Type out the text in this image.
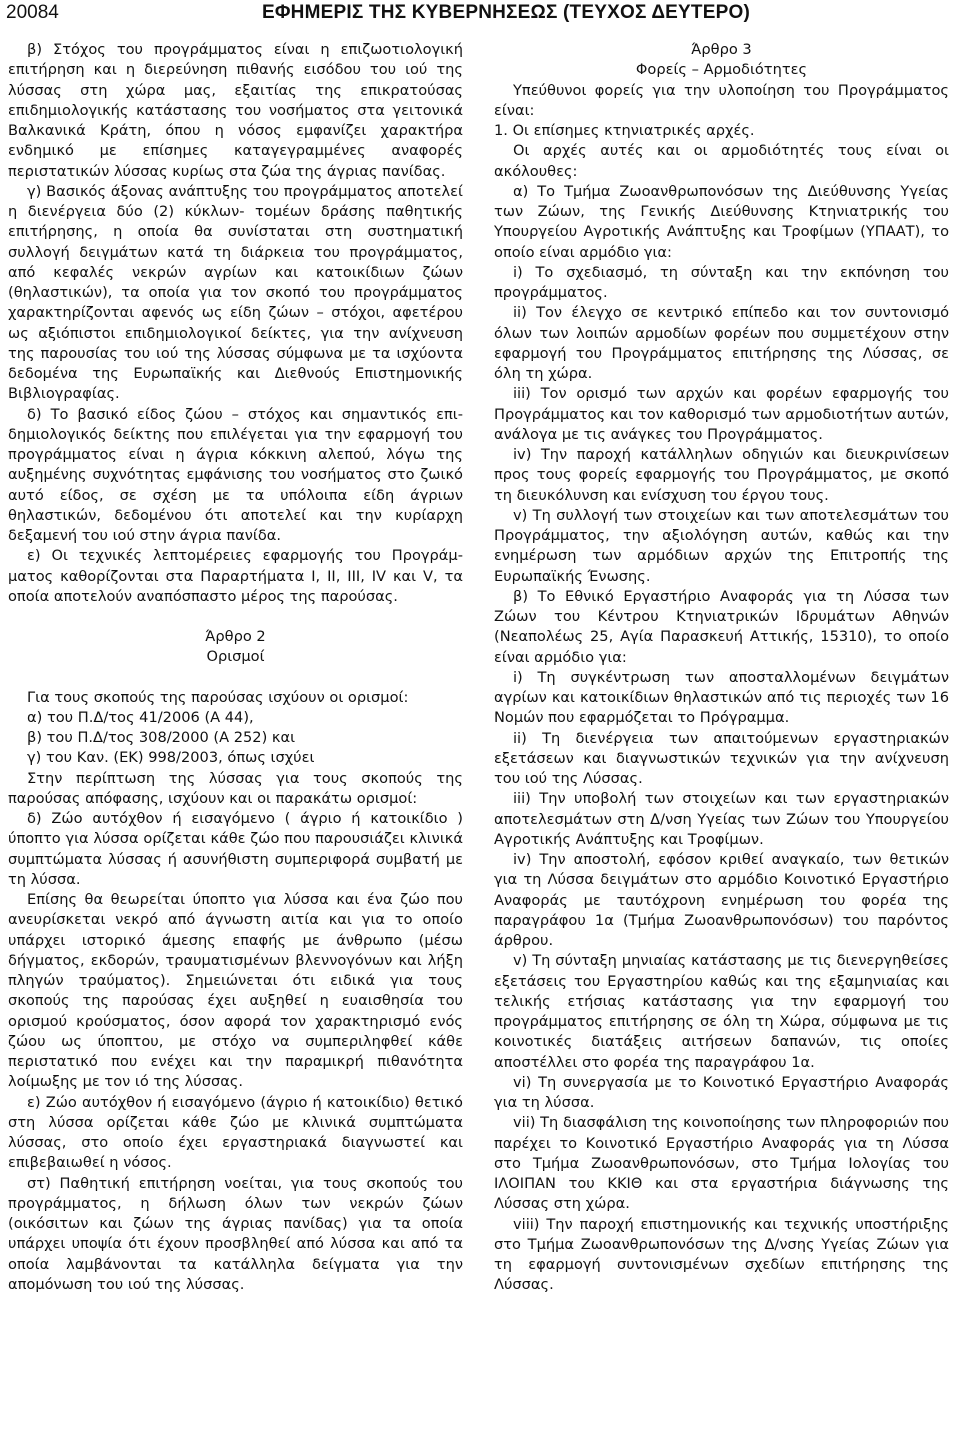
20084	ΕΦΗΜΕΡΙΣ ΤΗΣ ΚΥΒΕΡΝΗΣΕΩΣ (ΤΕΥΧΟΣ ΔΕΥΤΕΡΟ)

β) Στόχος του προγράμματος είναι η επιζωοτιολογική επιτήρηση και η διερεύνηση πιθανής εισόδου του ιού της λύσσας στη χώρα μας, εξαιτίας της επικρατούσας επιδημιολογικής κατάστασης του νοσήματος στα γειτονικά Βαλκανικά Κράτη, όπου η νόσος εμφανίζει χαρακτήρα ενδημικό με επίσημες καταγεγραμμένες αναφορές περιστατικών λύσσας κυρίως στα ζώα της άγριας πανίδας.

γ) Βασικός άξονας ανάπτυξης του προγράμματος αποτελεί η διενέργεια δύο (2) κύκλων- τομέων δράσης παθητικής επιτήρησης, η οποία θα συνίσταται στη συστηματική συλλογή δειγμάτων κατά τη διάρκεια του προγράμματος, από κεφαλές νεκρών αγρίων και κατοικίδιων ζώων (θηλαστικών), τα οποία για τον σκοπό του προγράμματος χαρακτηρίζονται αφενός ως είδη ζώων – στόχοι, αφετέρου ως αξιόπιστοι επιδημιολογικοί δείκτες, για την ανίχνευση της παρουσίας του ιού της λύσσας σύμφωνα με τα ισχύοντα δεδομένα της Ευρωπαϊκής και Διεθνούς Επιστημονικής Βιβλιογραφίας.

δ) Το βασικό είδος ζώου – στόχος και σημαντικός επιδημιολογικός δείκτης που επιλέγεται για την εφαρμογή του προγράμματος είναι η άγρια κόκκινη αλεπού, λόγω της αυξημένης συχνότητας εμφάνισης του νοσήματος στο ζωικό αυτό είδος, σε σχέση με τα υπόλοιπα είδη άγριων θηλαστικών, δεδομένου ότι αποτελεί και την κυρίαρχη δεξαμενή του ιού στην άγρια πανίδα.

ε) Οι τεχνικές λεπτομέρειες εφαρμογής του Προγράμματος καθορίζονται στα Παραρτήματα I, II, III, IV και V, τα οποία αποτελούν αναπόσπαστο μέρος της παρούσας.

Άρθρο 2

Ορισμοί

Για τους σκοπούς της παρούσας ισχύουν οι ορισμοί:

α) του Π.Δ/τος 41/2006 (Α 44),

β) του Π.Δ/τος 308/2000 (Α 252) και

γ) του Καν. (ΕΚ) 998/2003, όπως ισχύει

Στην περίπτωση της λύσσας για τους σκοπούς της παρούσας απόφασης, ισχύουν και οι παρακάτω ορισμοί:

δ) Ζώο αυτόχθον ή εισαγόμενο ( άγριο ή κατοικίδιο ) ύποπτο για λύσσα ορίζεται κάθε ζώο που παρουσιάζει κλινικά συμπτώματα λύσσας ή ασυνήθιστη συμπεριφορά συμβατή με τη λύσσα.

Επίσης θα θεωρείται ύποπτο για λύσσα και ένα ζώο που ανευρίσκεται νεκρό από άγνωστη αιτία και για το οποίο υπάρχει ιστορικό άμεσης επαφής με άνθρωπο (μέσω δήγματος, εκδορών, τραυματισμένων βλεννογόνων και λήξη πληγών τραύματος). Σημειώνεται ότι ειδικά για τους σκοπούς της παρούσας έχει αυξηθεί η ευαισθησία του ορισμού κρούσματος, όσον αφορά τον χαρακτηρισμό ενός ζώου ως ύποπτου, με στόχο να συμπεριληφθεί κάθε περιστατικό που ενέχει και την παραμικρή πιθανότητα λοίμωξης με τον ιό της λύσσας.

ε) Ζώο αυτόχθον ή εισαγόμενο (άγριο ή κατοικίδιο) θετικό στη λύσσα ορίζεται κάθε ζώο με κλινικά συμπτώματα λύσσας, στο οποίο έχει εργαστηριακά διαγνωστεί και επιβεβαιωθεί η νόσος.

στ) Παθητική επιτήρηση νοείται, για τους σκοπούς του προγράμματος, η δήλωση όλων των νεκρών ζώων (οικόσιτων και ζώων της άγριας πανίδας) για τα οποία υπάρχει υποψία ότι έχουν προσβληθεί από λύσσα και από τα οποία λαμβάνονται τα κατάλληλα δείγματα για την απομόνωση του ιού της λύσσας.

Άρθρο 3

Φορείς – Αρμοδιότητες

Υπεύθυνοι φορείς για την υλοποίηση του Προγράμματος είναι:

1. Οι επίσημες κτηνιατρικές αρχές.

Οι αρχές αυτές και οι αρμοδιότητές τους είναι οι ακόλουθες:

α) Το Τμήμα Ζωοανθρωπονόσων της Διεύθυνσης Υγείας των Ζώων, της Γενικής Διεύθυνσης Κτηνιατρικής του Υπουργείου Αγροτικής Ανάπτυξης και Τροφίμων (ΥΠΑΑΤ), το οποίο είναι αρμόδιο για:

i) Το σχεδιασμό, τη σύνταξη και την εκπόνηση του προγράμματος.

ii) Τον έλεγχο σε κεντρικό επίπεδο και τον συντονισμό όλων των λοιπών αρμοδίων φορέων που συμμετέχουν στην εφαρμογή του Προγράμματος επιτήρησης της Λύσσας, σε όλη τη χώρα.

iii) Τον ορισμό των αρχών και φορέων εφαρμογής του Προγράμματος και τον καθορισμό των αρμοδιοτήτων αυτών, ανάλογα με τις ανάγκες του Προγράμματος.

iv) Την παροχή κατάλληλων οδηγιών και διευκρινίσεων προς τους φορείς εφαρμογής του Προγράμματος, με σκοπό τη διευκόλυνση και ενίσχυση του έργου τους.

v) Τη συλλογή των στοιχείων και των αποτελεσμάτων του Προγράμματος, την αξιολόγηση αυτών, καθώς και την ενημέρωση των αρμόδιων αρχών της Επιτροπής της Ευρωπαϊκής Ένωσης.

β) Το Εθνικό Εργαστήριο Αναφοράς για τη Λύσσα των Ζώων του Κέντρου Κτηνιατρικών Ιδρυμάτων Αθηνών (Νεαπολέως 25, Αγία Παρασκευή Αττικής, 15310), το οποίο είναι αρμόδιο για:

i) Τη συγκέντρωση των αποσταλλομένων δειγμάτων αγρίων και κατοικίδιων θηλαστικών από τις περιοχές των 16 Νομών που εφαρμόζεται το Πρόγραμμα.

ii) Τη διενέργεια των απαιτούμενων εργαστηριακών εξετάσεων και διαγνωστικών τεχνικών για την ανίχνευση του ιού της Λύσσας.

iii) Την υποβολή των στοιχείων και των εργαστηριακών αποτελεσμάτων στη Δ/νση Υγείας των Ζώων του Υπουργείου Αγροτικής Ανάπτυξης και Τροφίμων.

iv) Την αποστολή, εφόσον κριθεί αναγκαίο, των θετικών για τη Λύσσα δειγμάτων στο αρμόδιο Κοινοτικό Εργαστήριο Αναφοράς με ταυτόχρονη ενημέρωση του φορέα της παραγράφου 1α (Τμήμα Ζωοανθρωπονόσων) του παρόντος άρθρου.

v) Τη σύνταξη μηνιαίας κατάστασης με τις διενεργηθείσες εξετάσεις του Εργαστηρίου καθώς και της εξαμηνιαίας και τελικής ετήσιας κατάστασης για την εφαρμογή του προγράμματος επιτήρησης σε όλη τη Χώρα, σύμφωνα με τις κοινοτικές διατάξεις αιτήσεων δαπανών, τις οποίες αποστέλλει στο φορέα της παραγράφου 1α.

vi) Τη συνεργασία με το Κοινοτικό Εργαστήριο Αναφοράς για τη λύσσα.

vii) Τη διασφάλιση της κοινοποίησης των πληροφοριών που παρέχει το Κοινοτικό Εργαστήριο Αναφοράς για τη Λύσσα στο Τμήμα Ζωοανθρωπονόσων, στο Τμήμα Ιολογίας του ΙΛΟΙΠΑΝ του ΚΚΙΘ και στα εργαστήρια διάγνωσης της Λύσσας στη χώρα.

viii) Την παροχή επιστημονικής και τεχνικής υποστήριξης στο Τμήμα Ζωοανθρωπονόσων της Δ/νσης Υγείας Ζώων για τη εφαρμογή συντονισμένων σχεδίων επιτήρησης της Λύσσας.
